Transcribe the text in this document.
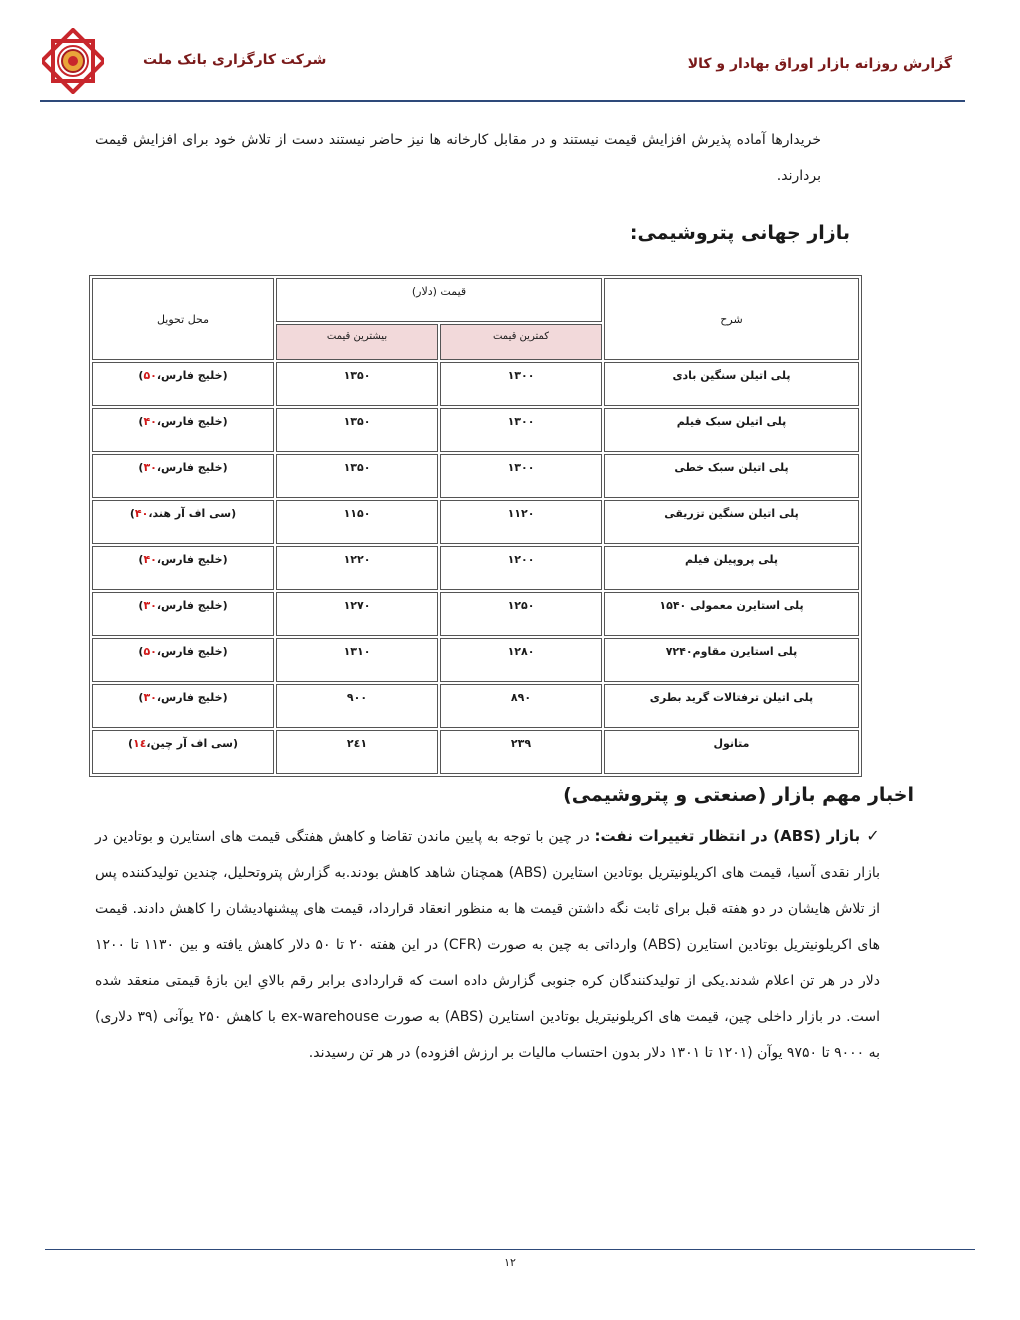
شرکت کارگزاری بانک ملت	گزارش روزانه بازار اوراق بهادار و کالا
خریدارها آماده پذیرش افزایش قیمت نیستند و در مقابل کارخانه ها نیز حاضر نیستند دست از تلاش خود برای افزایش قیمت بردارند.
بازار جهانی پتروشیمی:
شرح	قیمت (دلار)		محل تحویل
	کمترین قیمت	بیشترین قیمت	
پلی اتیلن سنگین بادی	۱۳۰۰	۱۳۵۰	(خلیج فارس،۵۰)
پلی اتیلن سبک فیلم	۱۳۰۰	۱۳۵۰	(خلیج فارس،۴۰)
پلی اتیلن سبک خطی	۱۳۰۰	۱۳۵۰	(خلیج فارس،۳۰)
پلی اتیلن سنگین تزریقی	۱۱۲۰	۱۱۵۰	(سی اف آر هند،۴۰)
پلی پروپیلن فیلم	۱۲۰۰	۱۲۲۰	(خلیج فارس،۴۰)
پلی استایرن معمولی ۱۵۴۰	۱۲۵۰	۱۲۷۰	(خلیج فارس،۳۰)
پلی استایرن مقاوم۷۲۴۰	۱۲۸۰	۱۳۱۰	(خلیج فارس،۵۰)
پلی اتیلن ترفتالات گرید بطری	۸۹۰	۹۰۰	(خلیج فارس،۳۰)
متانول	۲۳۹	۲٤۱	(سی اف آر چین،۱٤)
اخبار مهم بازار (صنعتی و پتروشیمی)
✓بازار (ABS) در انتظار تغییرات نفت: در چین با توجه به پایین ماندن تقاضا و کاهش هفتگی قیمت های استایرن و بوتادین در بازار نقدی آسیا، قیمت های اکریلونیتریل بوتادین استایرن (ABS) همچنان شاهد کاهش بودند.به گزارش پتروتحلیل، چندین تولیدکننده پس از تلاش هایشان در دو هفته قبل برای ثابت نگه داشتن قیمت ها به منظور انعقاد قرارداد، قیمت های پیشنهادیشان را کاهش دادند. قیمت های اکریلونیتریل بوتادین استایرن (ABS) وارداتی به چین به صورت (CFR) در این هفته ۲۰ تا ۵۰ دلار کاهش یافته و بین ۱۱۳۰ تا ۱۲۰۰ دلار در هر تن اعلام شدند.یکی از تولیدکنندگان کره جنوبی گزارش داده است که قراردادی برابر رقم بالایِ این بازهٔ قیمتی منعقد شده است. در بازار داخلی چین، قیمت های اکریلونیتریل بوتادین استایرن (ABS) به صورت ex-warehouse با کاهش ۲۵۰ یوآنی (۳۹ دلاری) به ۹۰۰۰ تا ۹۷۵۰ یوآن (۱۲۰۱ تا ۱۳۰۱ دلار بدون احتساب مالیات بر ارزش افزوده) در هر تن رسیدند.
۱۲
